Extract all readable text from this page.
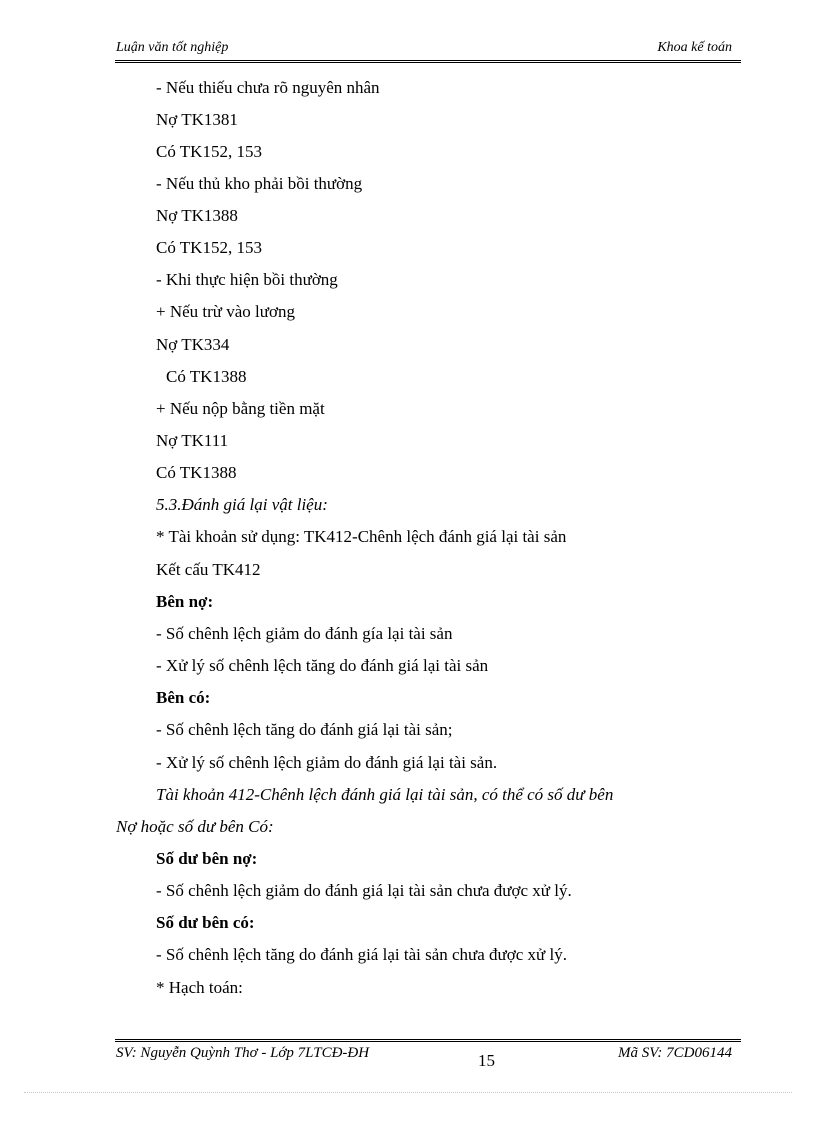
Luận văn tốt nghiệp	Khoa kế toán
- Nếu thiếu chưa rõ nguyên nhân
Nợ TK1381
Có TK152, 153
- Nếu thủ kho phải bồi thường
Nợ TK1388
Có TK152, 153
- Khi thực hiện bồi thường
+ Nếu trừ vào lương
Nợ TK334
Có TK1388
+ Nếu nộp bằng tiền mặt
Nợ TK111
Có TK1388
5.3.Đánh giá lại vật liệu:
* Tài khoản sử dụng: TK412-Chênh lệch đánh giá lại tài sản
Kết cấu TK412
Bên nợ:
- Số chênh lệch giảm do đánh gía lại tài sản
- Xử lý số chênh lệch tăng do đánh giá lại tài sản
Bên có:
- Số chênh lệch tăng do đánh giá lại tài sản;
- Xử lý số chênh lệch giảm do đánh giá lại tài sản.
Tài khoản 412-Chênh lệch đánh giá lại tài sản, có thể có số dư bên
Nợ hoặc số dư bên Có:
Số dư bên nợ:
- Số chênh lệch giảm do đánh giá lại tài sản chưa được xử lý.
Số dư bên có:
- Số chênh lệch tăng do đánh giá lại tài sản chưa được xử lý.
* Hạch toán:
SV: Nguyễn Quỳnh Thơ - Lớp 7LTCĐ-ĐH	15	Mã SV: 7CD06144
